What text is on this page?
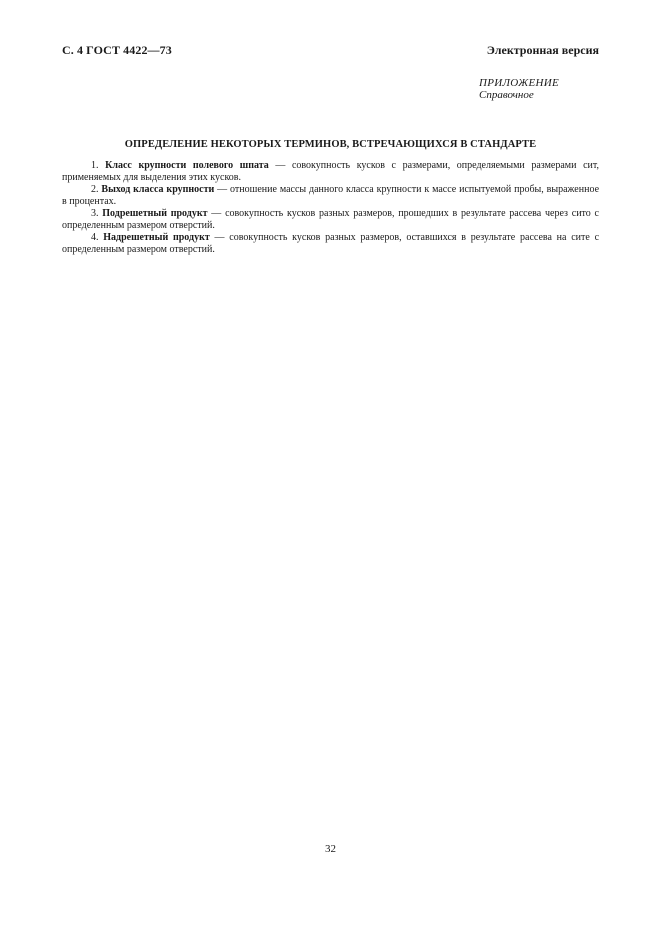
С. 4 ГОСТ 4422—73	Электронная версия
ПРИЛОЖЕНИЕ
Справочное
ОПРЕДЕЛЕНИЕ НЕКОТОРЫХ ТЕРМИНОВ, ВСТРЕЧАЮЩИХСЯ В СТАНДАРТЕ

1. Класс крупности полевого шпата — совокупность кусков с размерами, определяемыми размерами сит, применяемых для выделения этих кусков.

2. Выход класса крупности — отношение массы данного класса крупности к массе испытуемой пробы, выраженное в процентах.

3. Подрешетный продукт — совокупность кусков разных размеров, прошедших в результате рассева через сито с определенным размером отверстий.

4. Надрешетный продукт — совокупность кусков разных размеров, оставшихся в результате рассева на сите с определенным размером отверстий.

32
